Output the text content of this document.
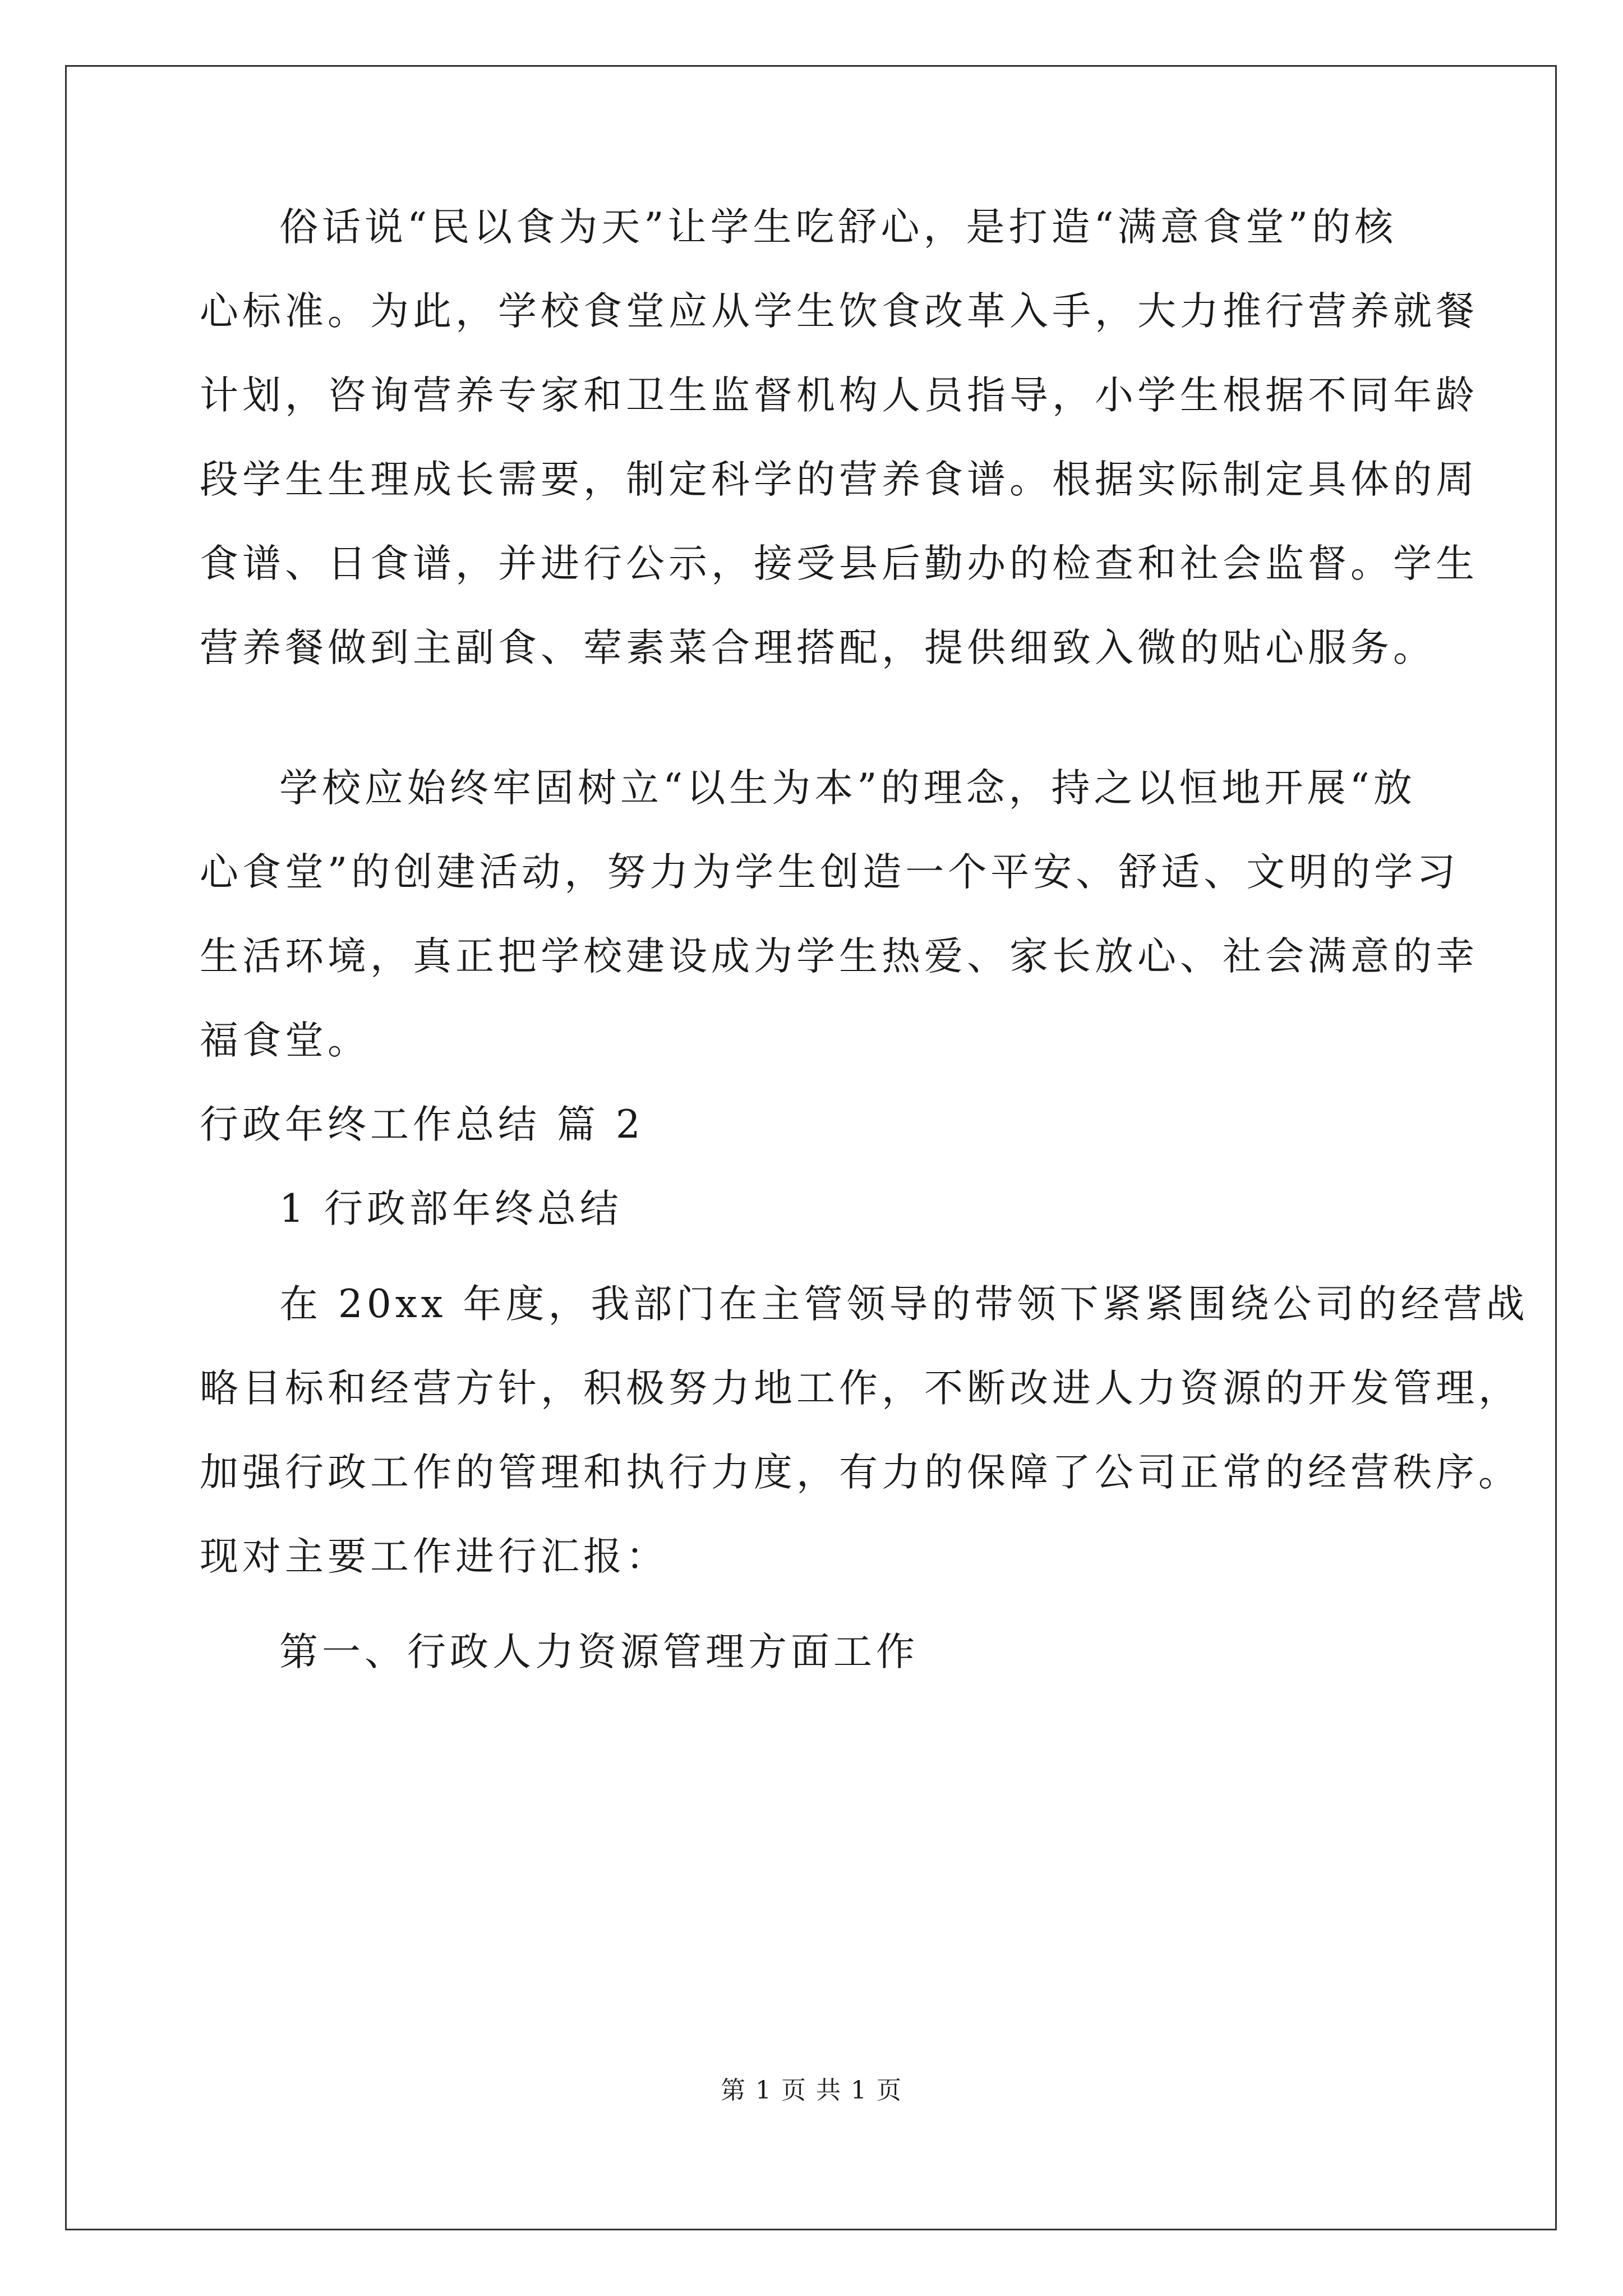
俗话说“民以食为天”让学生吃舒心，是打造“满意食堂”的核
心标准。为此，学校食堂应从学生饮食改革入手，大力推行营养就餐
计划，咨询营养专家和卫生监督机构人员指导，小学生根据不同年龄
段学生生理成长需要，制定科学的营养食谱。根据实际制定具体的周
食谱、日食谱，并进行公示，接受县后勤办的检查和社会监督。学生
营养餐做到主副食、荤素菜合理搭配，提供细致入微的贴心服务。
学校应始终牢固树立“以生为本”的理念，持之以恒地开展“放
心食堂”的创建活动，努力为学生创造一个平安、舒适、文明的学习
生活环境，真正把学校建设成为学生热爱、家长放心、社会满意的幸
福食堂。
行政年终工作总结 篇 2
1 行政部年终总结
在 20xx 年度，我部门在主管领导的带领下紧紧围绕公司的经营战
略目标和经营方针，积极努力地工作，不断改进人力资源的开发管理，
加强行政工作的管理和执行力度，有力的保障了公司正常的经营秩序。
现对主要工作进行汇报：
第一、行政人力资源管理方面工作
第 1 页 共 1 页
